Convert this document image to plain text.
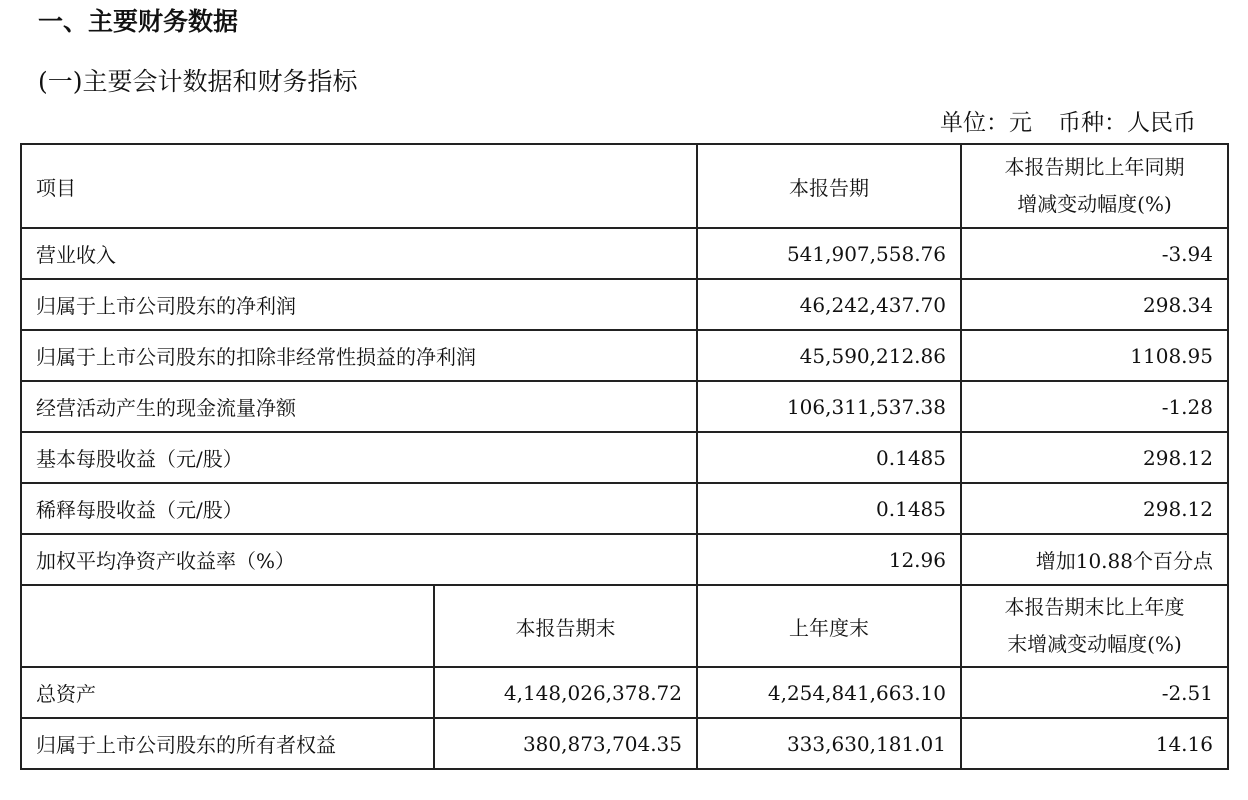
一、主要财务数据
(一)主要会计数据和财务指标
单位：元 币种：人民币
项目		本报告期	本报告期比上年同期
增减变动幅度(%)

营业收入		541,907,558.76	-3.94
归属于上市公司股东的净利润		46,242,437.70	298.34
归属于上市公司股东的扣除非经常性损益的净利润		45,590,212.86	1108.95
经营活动产生的现金流量净额		106,311,537.38	-1.28
基本每股收益（元/股）		0.1485	298.12
稀释每股收益（元/股）		0.1485	298.12
加权平均净资产收益率（%）		12.96	增加10.88个百分点
	本报告期末	上年度末	本报告期末比上年度
末增减变动幅度(%)

总资产	4,148,026,378.72	4,254,841,663.10	-2.51
归属于上市公司股东的所有者权益	380,873,704.35	333,630,181.01	14.16
